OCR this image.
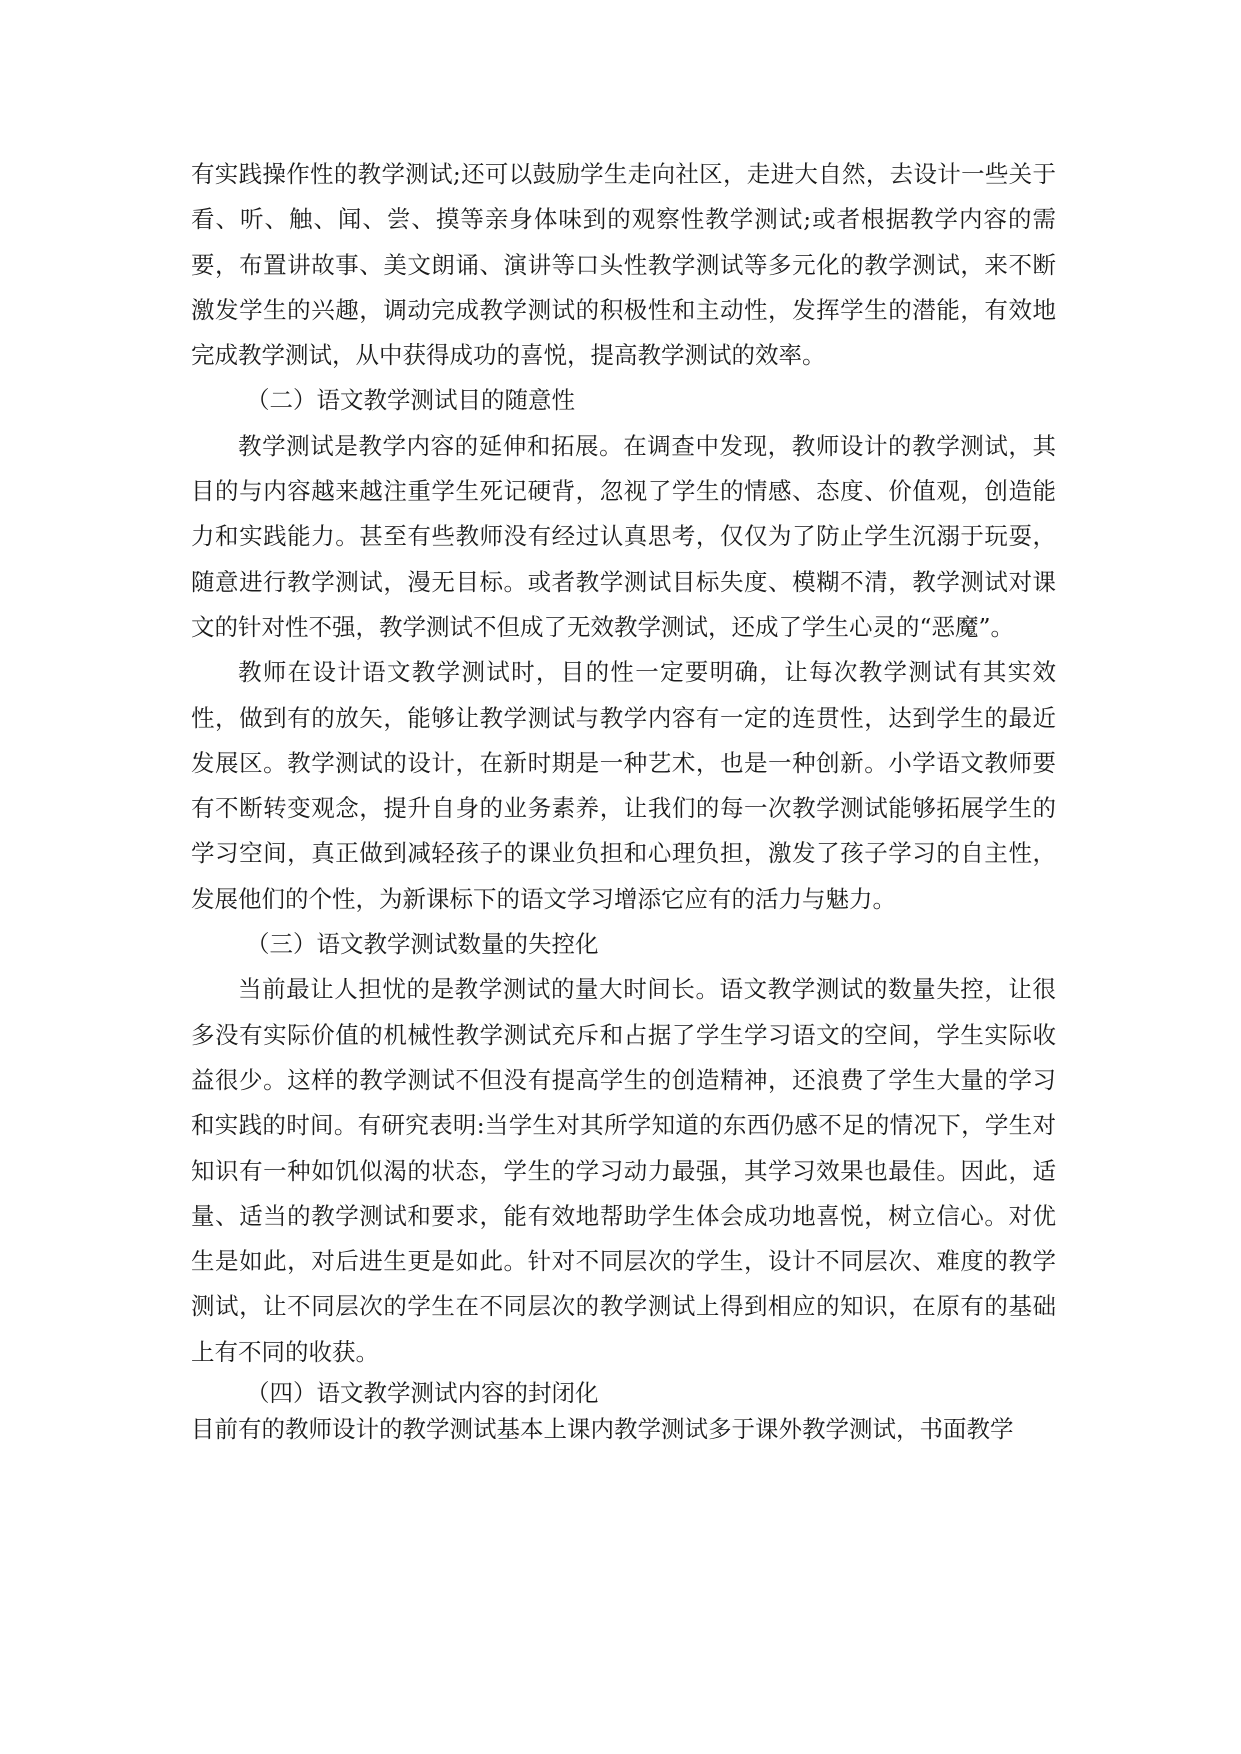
有实践操作性的教学测试;还可以鼓励学生走向社区，走进大自然，去设计一些关于看、听、触、闻、尝、摸等亲身体味到的观察性教学测试;或者根据教学内容的需要，布置讲故事、美文朗诵、演讲等口头性教学测试等多元化的教学测试，来不断激发学生的兴趣，调动完成教学测试的积极性和主动性，发挥学生的潜能，有效地完成教学测试，从中获得成功的喜悦，提高教学测试的效率。

（二）语文教学测试目的随意性

教学测试是教学内容的延伸和拓展。在调查中发现，教师设计的教学测试，其目的与内容越来越注重学生死记硬背，忽视了学生的情感、态度、价值观，创造能力和实践能力。甚至有些教师没有经过认真思考，仅仅为了防止学生沉溺于玩耍，随意进行教学测试，漫无目标。或者教学测试目标失度、模糊不清，教学测试对课文的针对性不强，教学测试不但成了无效教学测试，还成了学生心灵的“恶魔”。

教师在设计语文教学测试时，目的性一定要明确，让每次教学测试有其实效性，做到有的放矢，能够让教学测试与教学内容有一定的连贯性，达到学生的最近发展区。教学测试的设计，在新时期是一种艺术，也是一种创新。小学语文教师要有不断转变观念，提升自身的业务素养，让我们的每一次教学测试能够拓展学生的学习空间，真正做到减轻孩子的课业负担和心理负担，激发了孩子学习的自主性，发展他们的个性，为新课标下的语文学习增添它应有的活力与魅力。

（三）语文教学测试数量的失控化

当前最让人担忧的是教学测试的量大时间长。语文教学测试的数量失控，让很多没有实际价值的机械性教学测试充斥和占据了学生学习语文的空间，学生实际收益很少。这样的教学测试不但没有提高学生的创造精神，还浪费了学生大量的学习和实践的时间。有研究表明:当学生对其所学知道的东西仍感不足的情况下，学生对知识有一种如饥似渴的状态，学生的学习动力最强，其学习效果也最佳。因此，适量、适当的教学测试和要求，能有效地帮助学生体会成功地喜悦，树立信心。对优生是如此，对后进生更是如此。针对不同层次的学生，设计不同层次、难度的教学测试，让不同层次的学生在不同层次的教学测试上得到相应的知识，在原有的基础上有不同的收获。

（四）语文教学测试内容的封闭化

目前有的教师设计的教学测试基本上课内教学测试多于课外教学测试，书面教学
